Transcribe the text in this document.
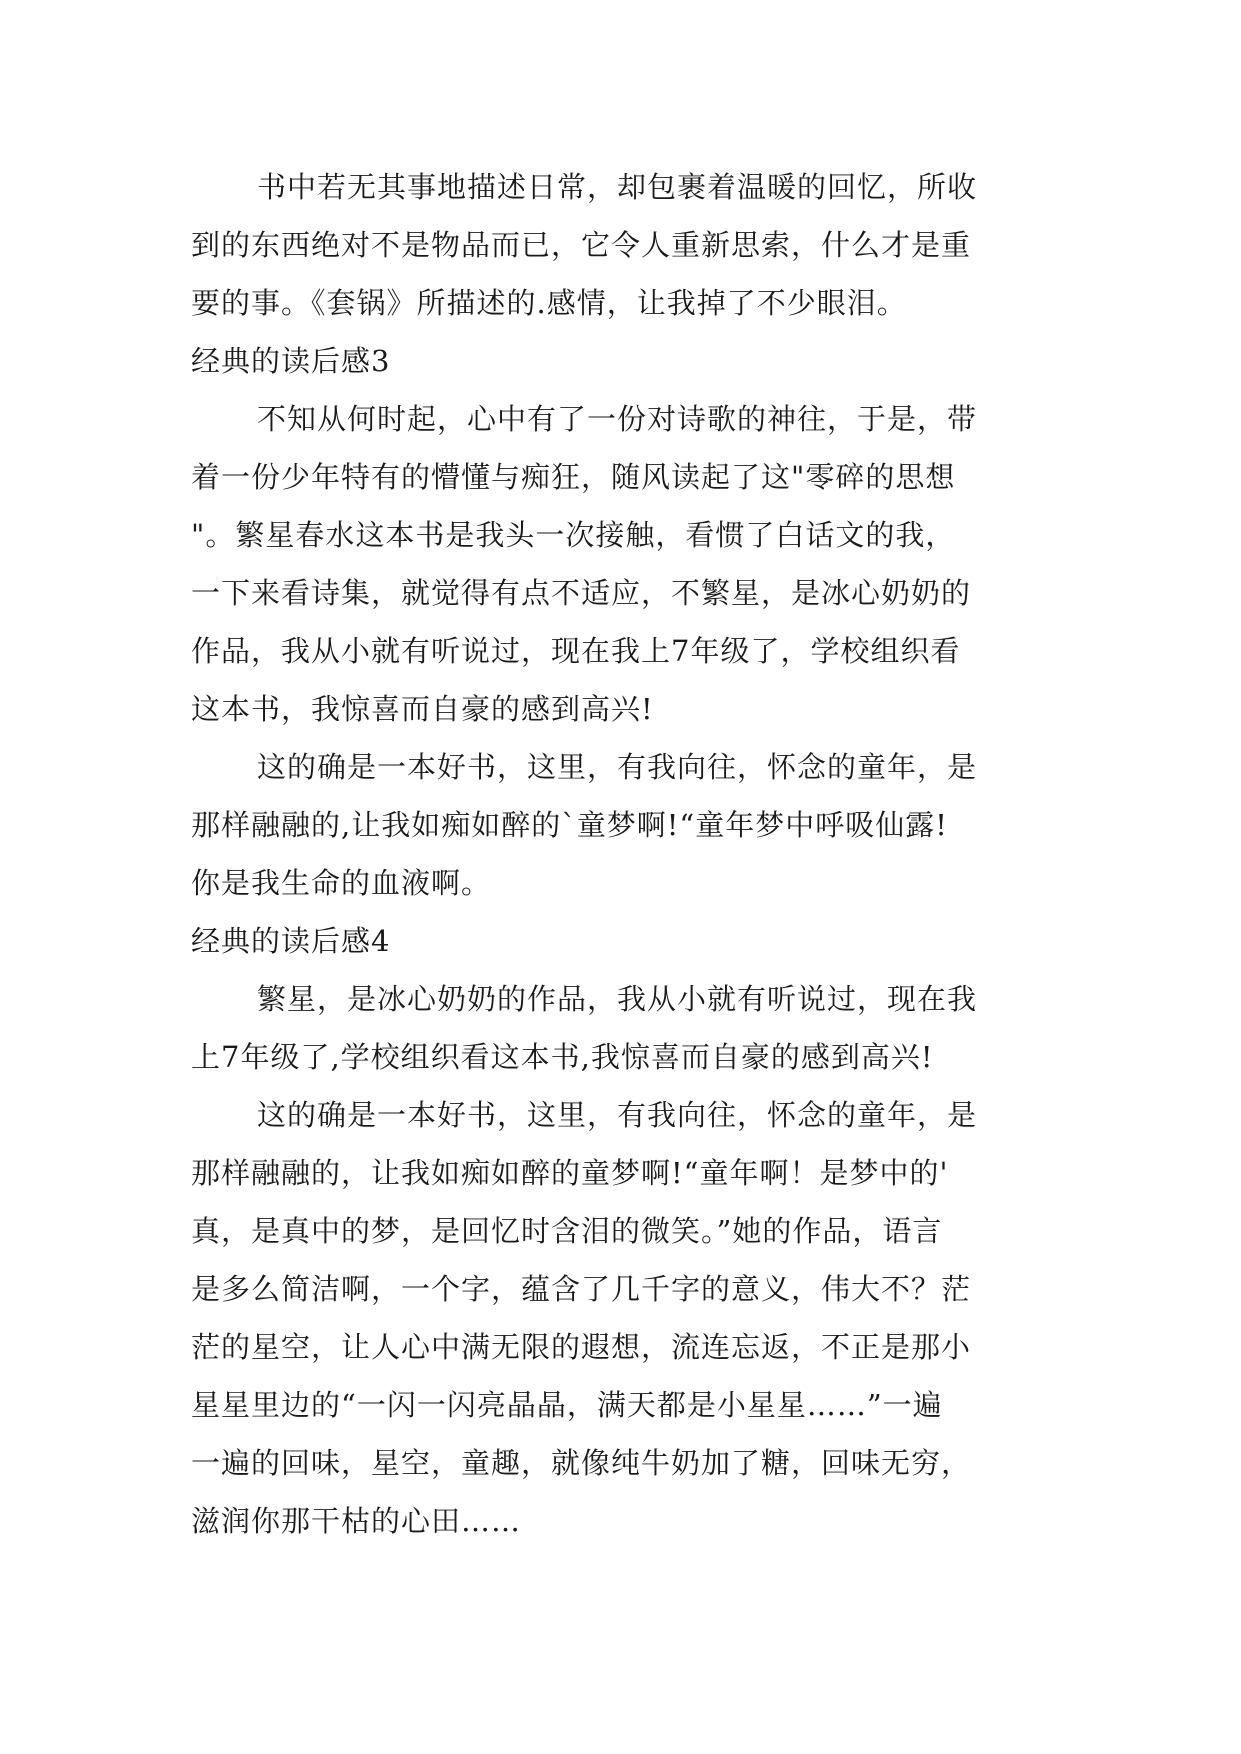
书中若无其事地描述日常，却包裹着温暖的回忆，所收
到的东西绝对不是物品而已，它令人重新思索，什么才是重
要的事。《套锅》所描述的.感情，让我掉了不少眼泪。
经典的读后感3
不知从何时起，心中有了一份对诗歌的神往，于是，带
着一份少年特有的懵懂与痴狂，随风读起了这"零碎的思想
"。繁星春水这本书是我头一次接触，看惯了白话文的我，
一下来看诗集，就觉得有点不适应，不繁星，是冰心奶奶的
作品，我从小就有听说过，现在我上7年级了，学校组织看
这本书，我惊喜而自豪的感到高兴!
这的确是一本好书，这里，有我向往，怀念的童年，是
那样融融的,让我如痴如醉的`童梦啊!“童年梦中呼吸仙露!
你是我生命的血液啊。
经典的读后感4
繁星，是冰心奶奶的作品，我从小就有听说过，现在我
上7年级了,学校组织看这本书,我惊喜而自豪的感到高兴!
这的确是一本好书，这里，有我向往，怀念的童年，是
那样融融的，让我如痴如醉的童梦啊!“童年啊！是梦中的'
真，是真中的梦，是回忆时含泪的微笑。”她的作品，语言
是多么简洁啊，一个字，蕴含了几千字的意义，伟大不？茫
茫的星空，让人心中满无限的遐想，流连忘返，不正是那小
星星里边的“一闪一闪亮晶晶，满天都是小星星……”一遍
一遍的回味，星空，童趣，就像纯牛奶加了糖，回味无穷，
滋润你那干枯的心田……
